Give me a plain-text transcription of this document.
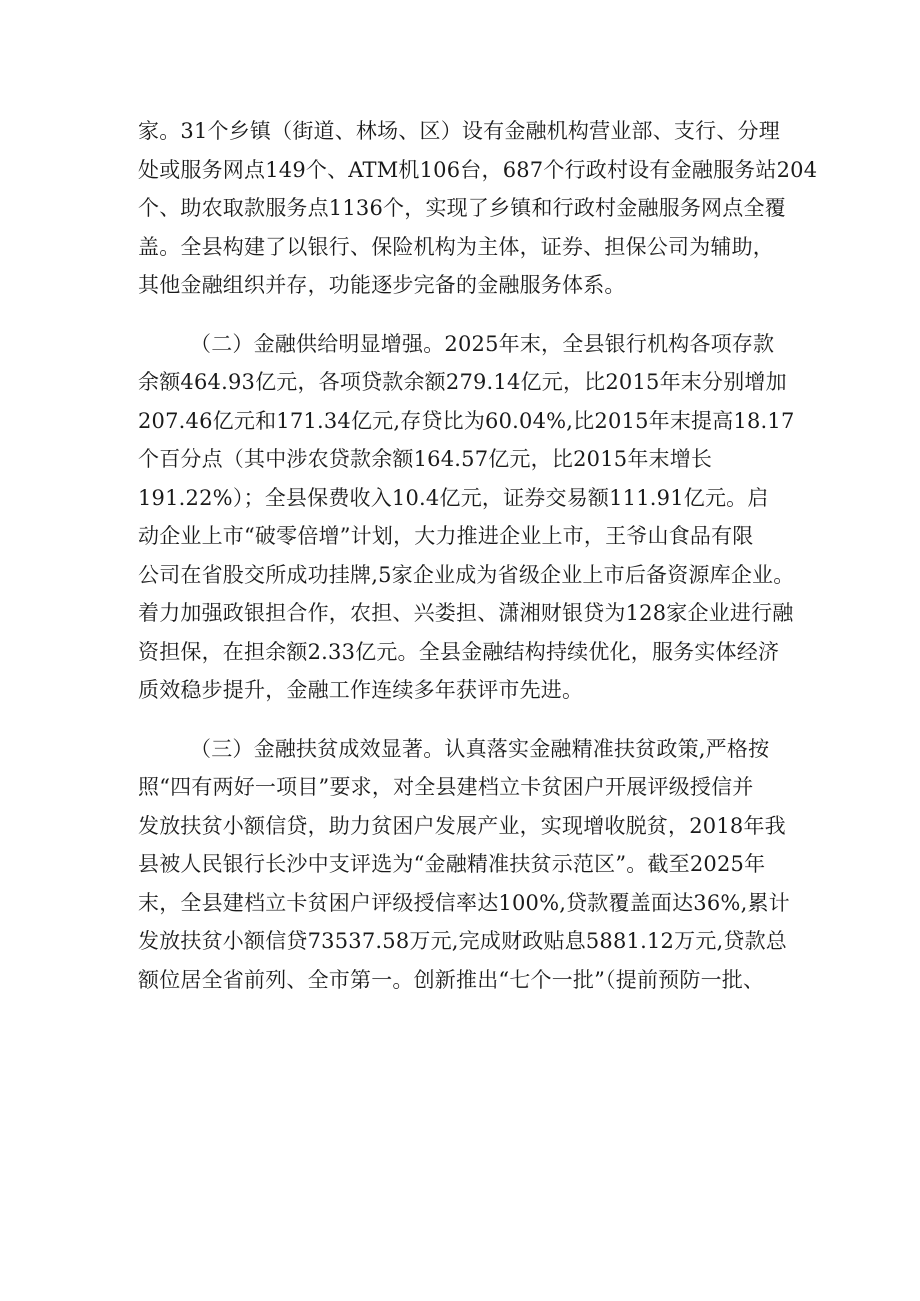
家。31个乡镇（街道、林场、区）设有金融机构营业部、支行、分理
处或服务网点149个、ATM机106台，687个行政村设有金融服务站204
个、助农取款服务点1136个，实现了乡镇和行政村金融服务网点全覆
盖。全县构建了以银行、保险机构为主体，证券、担保公司为辅助，
其他金融组织并存，功能逐步完备的金融服务体系。

（二）金融供给明显增强。2025年末，全县银行机构各项存款
余额464.93亿元，各项贷款余额279.14亿元，比2015年末分别增加
207.46亿元和171.34亿元,存贷比为60.04%,比2015年末提高18.17
个百分点（其中涉农贷款余额164.57亿元，比2015年末增长
191.22%）；全县保费收入10.4亿元，证券交易额111.91亿元。启
动企业上市“破零倍增”计划，大力推进企业上市，王爷山食品有限
公司在省股交所成功挂牌,5家企业成为省级企业上市后备资源库企业。
着力加强政银担合作，农担、兴娄担、潇湘财银贷为128家企业进行融
资担保，在担余额2.33亿元。全县金融结构持续优化，服务实体经济
质效稳步提升，金融工作连续多年获评市先进。

（三）金融扶贫成效显著。认真落实金融精准扶贫政策,严格按
照“四有两好一项目”要求，对全县建档立卡贫困户开展评级授信并
发放扶贫小额信贷，助力贫困户发展产业，实现增收脱贫，2018年我
县被人民银行长沙中支评选为“金融精准扶贫示范区”。截至2025年
末，全县建档立卡贫困户评级授信率达100%,贷款覆盖面达36%,累计
发放扶贫小额信贷73537.58万元,完成财政贴息5881.12万元,贷款总
额位居全省前列、全市第一。创新推出“七个一批”（提前预防一批、
